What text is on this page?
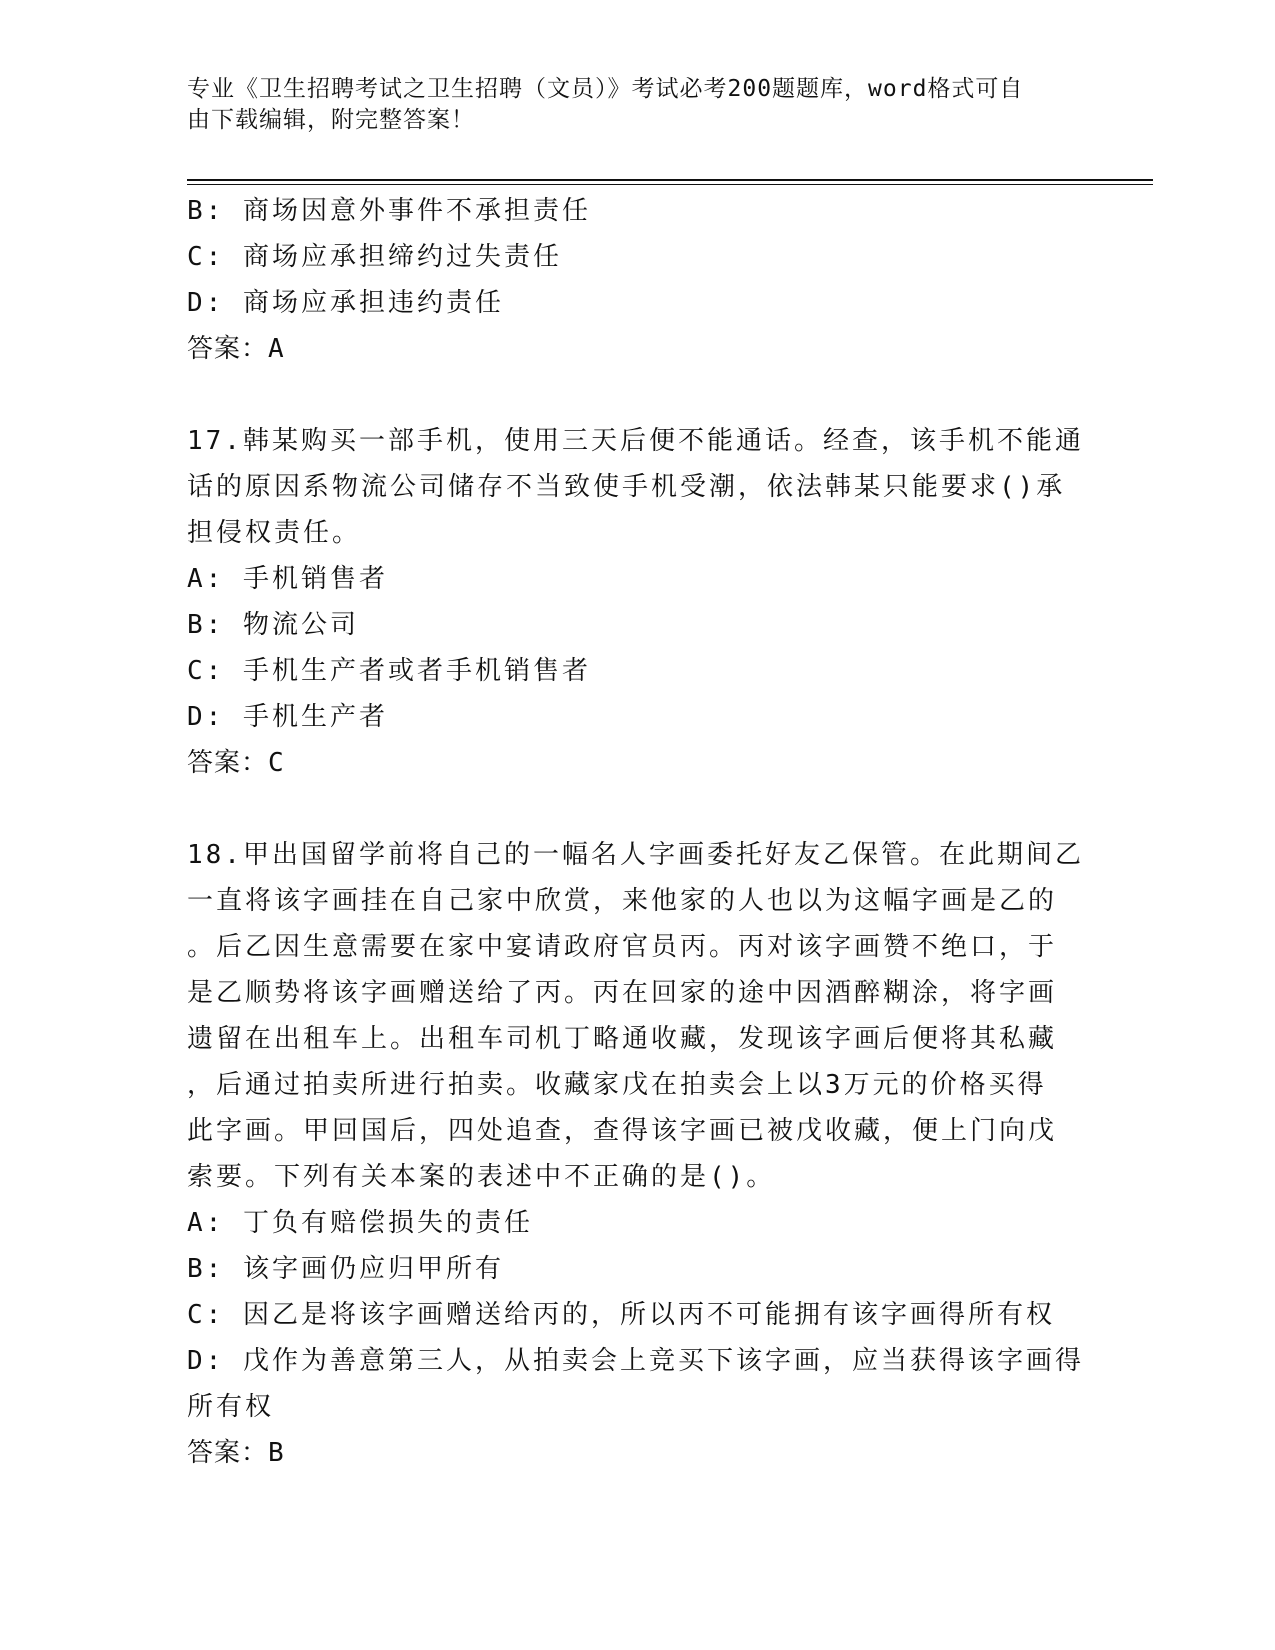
专业《卫生招聘考试之卫生招聘（文员）》考试必考200题题库，word格式可自
由下载编辑，附完整答案！
B: 商场因意外事件不承担责任
C: 商场应承担缔约过失责任
D: 商场应承担违约责任
答案：A
17.韩某购买一部手机，使用三天后便不能通话。经查，该手机不能通
话的原因系物流公司储存不当致使手机受潮，依法韩某只能要求()承
担侵权责任。
A: 手机销售者
B: 物流公司
C: 手机生产者或者手机销售者
D: 手机生产者
答案：C
18.甲出国留学前将自己的一幅名人字画委托好友乙保管。在此期间乙
一直将该字画挂在自己家中欣赏，来他家的人也以为这幅字画是乙的
。后乙因生意需要在家中宴请政府官员丙。丙对该字画赞不绝口，于
是乙顺势将该字画赠送给了丙。丙在回家的途中因酒醉糊涂，将字画
遗留在出租车上。出租车司机丁略通收藏，发现该字画后便将其私藏
，后通过拍卖所进行拍卖。收藏家戊在拍卖会上以3万元的价格买得
此字画。甲回国后，四处追查，查得该字画已被戊收藏，便上门向戊
索要。下列有关本案的表述中不正确的是()。
A: 丁负有赔偿损失的责任
B: 该字画仍应归甲所有
C: 因乙是将该字画赠送给丙的，所以丙不可能拥有该字画得所有权
D: 戊作为善意第三人，从拍卖会上竞买下该字画，应当获得该字画得
所有权
答案：B
